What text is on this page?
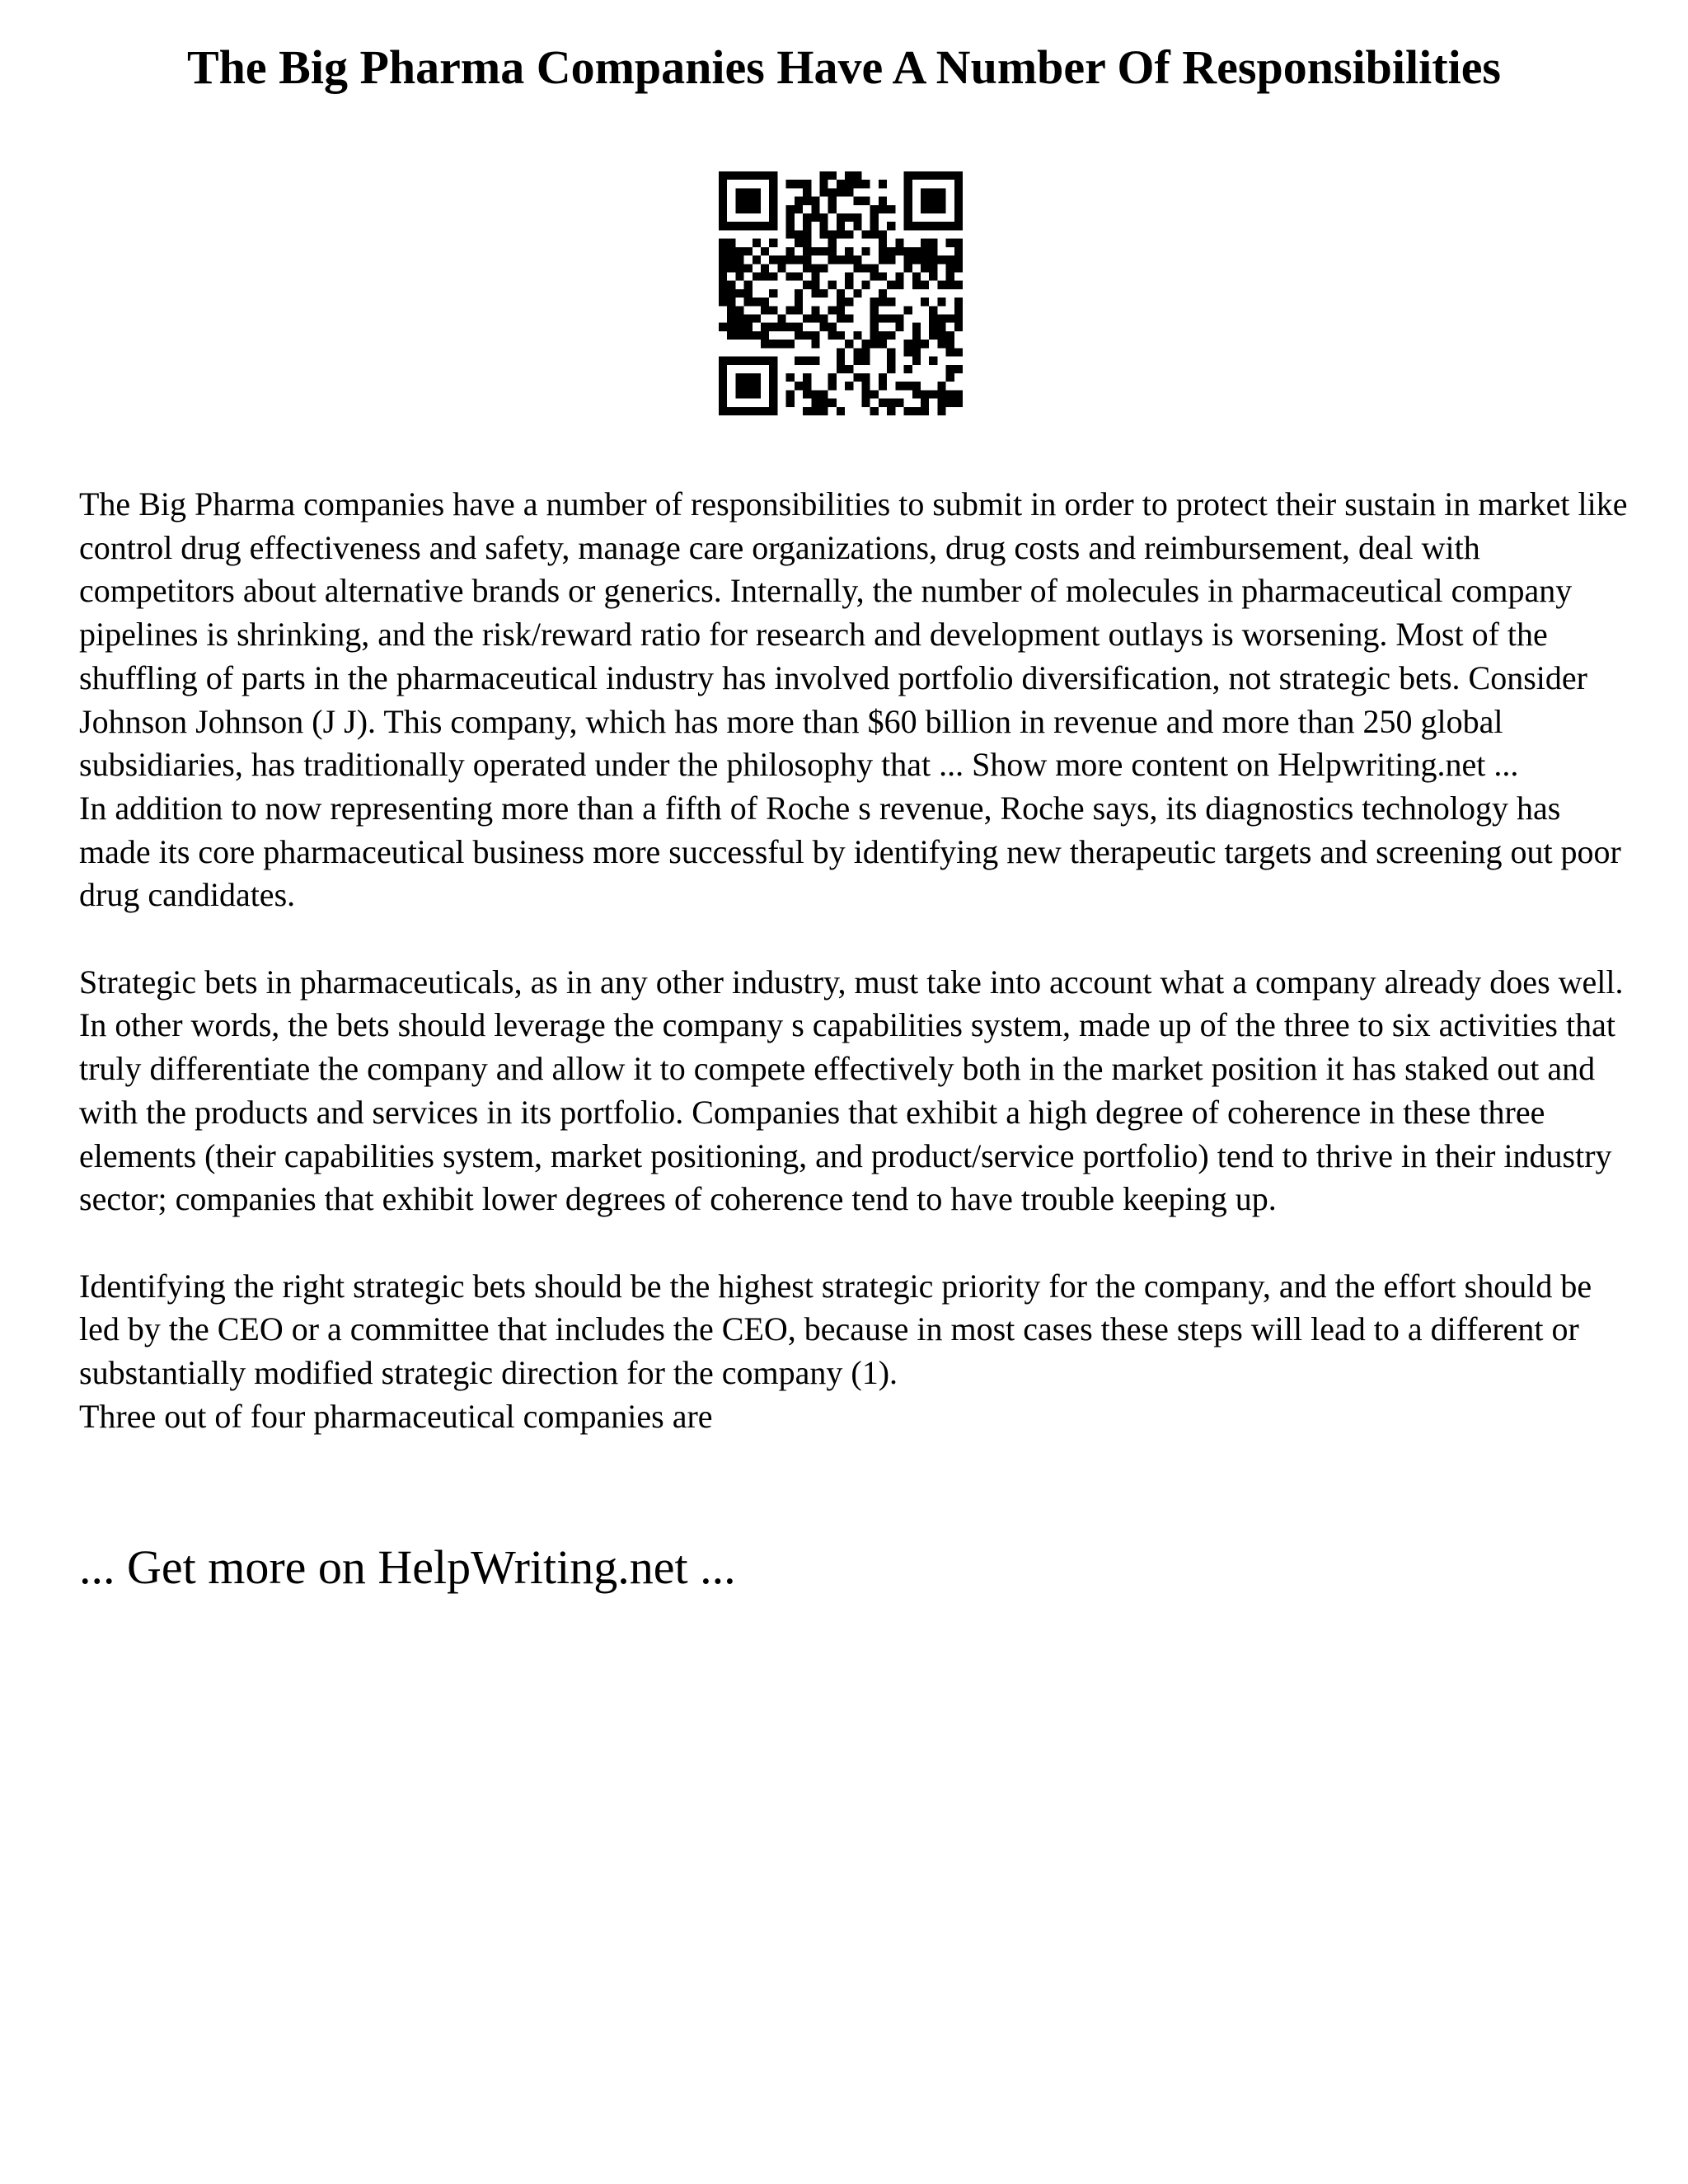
The Big Pharma Companies Have A Number Of Responsibilities

The Big Pharma companies have a number of responsibilities to submit in order to protect their sustain in market like control drug effectiveness and safety, manage care organizations, drug costs and reimbursement, deal with competitors about alternative brands or generics. Internally, the number of molecules in pharmaceutical company pipelines is shrinking, and the risk/reward ratio for research and development outlays is worsening. Most of the shuffling of parts in the pharmaceutical industry has involved portfolio diversification, not strategic bets. Consider Johnson Johnson (J J). This company, which has more than $60 billion in revenue and more than 250 global subsidiaries, has traditionally operated under the philosophy that ... Show more content on Helpwriting.net ...
In addition to now representing more than a fifth of Roche s revenue, Roche says, its diagnostics technology has made its core pharmaceutical business more successful by identifying new therapeutic targets and screening out poor drug candidates.

Strategic bets in pharmaceuticals, as in any other industry, must take into account what a company already does well. In other words, the bets should leverage the company s capabilities system, made up of the three to six activities that truly differentiate the company and allow it to compete effectively both in the market position it has staked out and with the products and services in its portfolio. Companies that exhibit a high degree of coherence in these three elements (their capabilities system, market positioning, and product/service portfolio) tend to thrive in their industry sector; companies that exhibit lower degrees of coherence tend to have trouble keeping up.

Identifying the right strategic bets should be the highest strategic priority for the company, and the effort should be led by the CEO or a committee that includes the CEO, because in most cases these steps will lead to a different or substantially modified strategic direction for the company (1).
Three out of four pharmaceutical companies are

... Get more on HelpWriting.net ...
